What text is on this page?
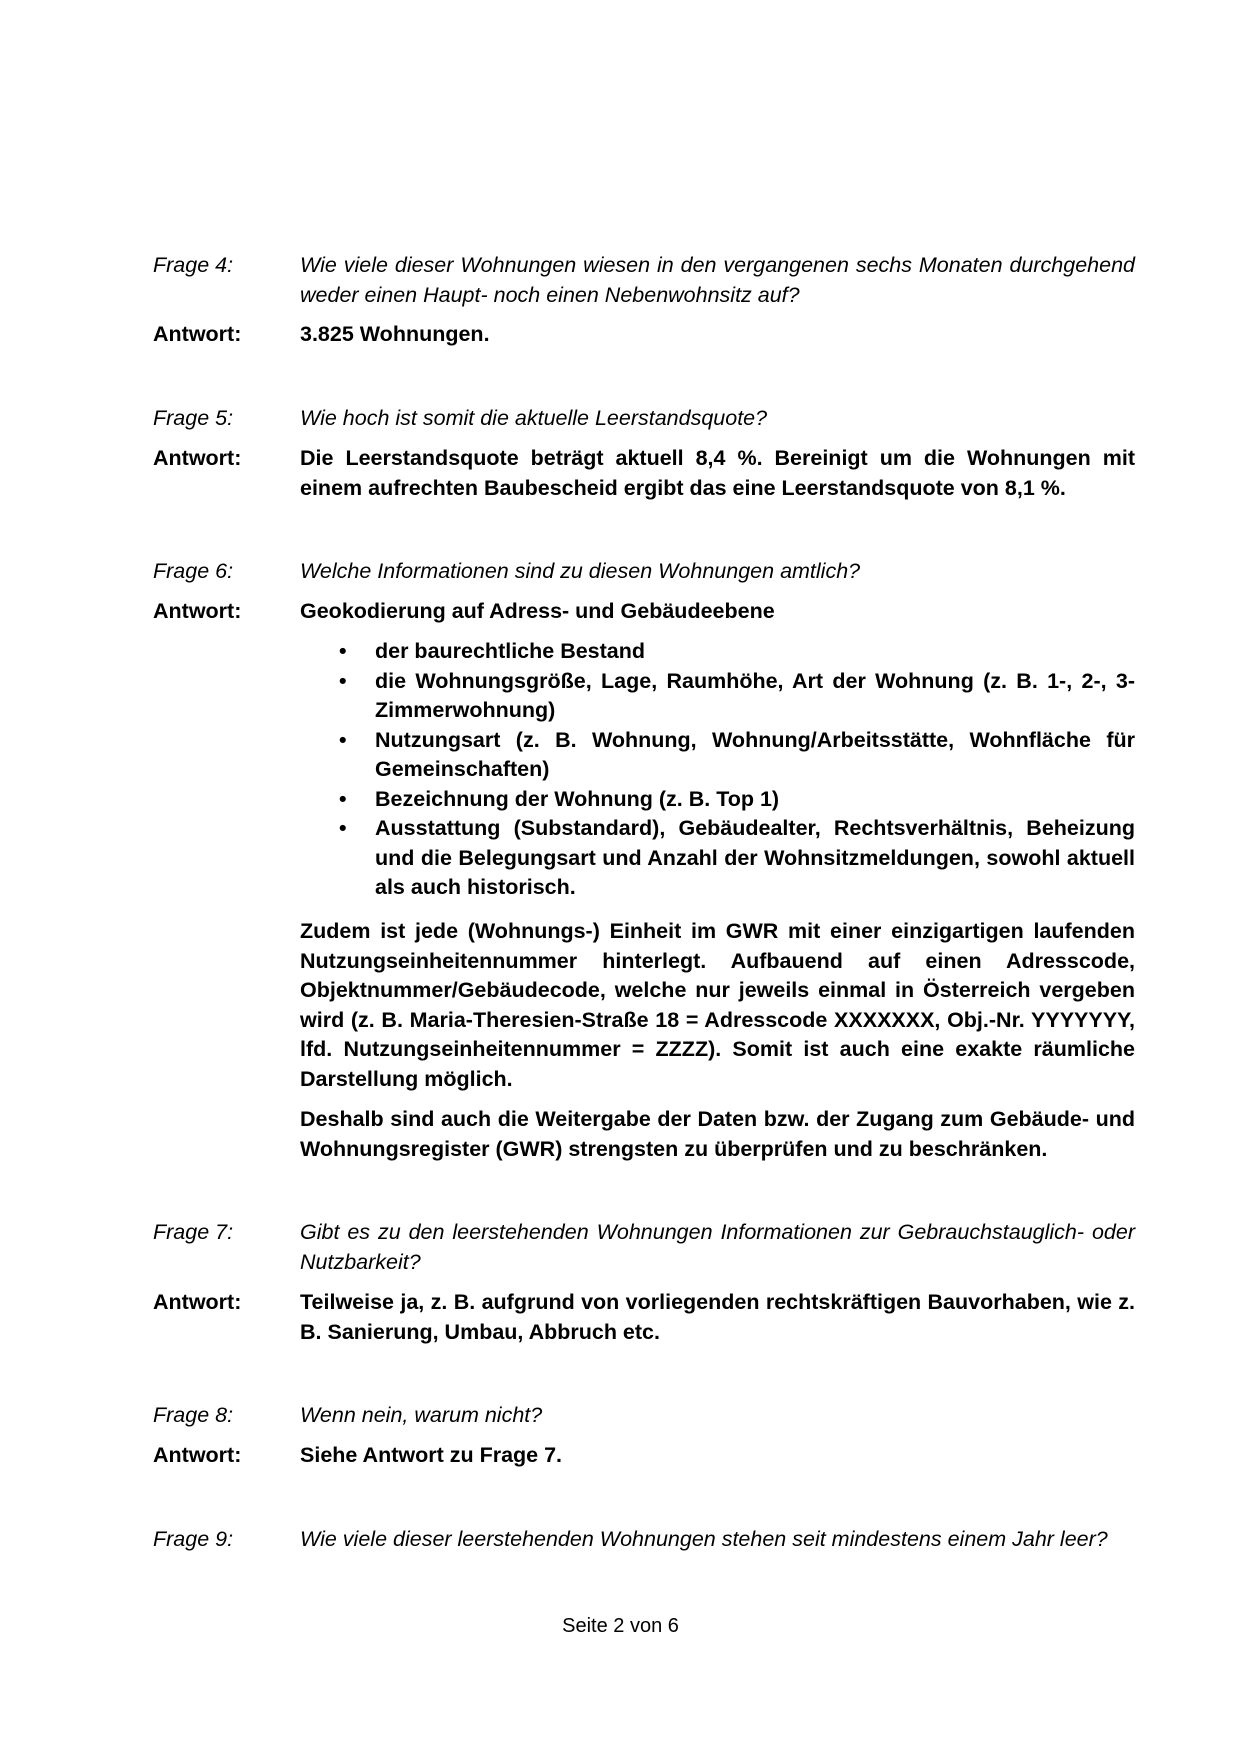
Frage 4:	Wie viele dieser Wohnungen wiesen in den vergangenen sechs Monaten durchgehend weder einen Haupt- noch einen Nebenwohnsitz auf?
Antwort:	3.825 Wohnungen.
Frage 5:	Wie hoch ist somit die aktuelle Leerstandsquote?
Antwort:	Die Leerstandsquote beträgt aktuell 8,4 %. Bereinigt um die Wohnungen mit einem aufrechten Baubescheid ergibt das eine Leerstandsquote von 8,1 %.
Frage 6:	Welche Informationen sind zu diesen Wohnungen amtlich?
Antwort:	Geokodierung auf Adress- und Gebäudeebene
• der baurechtliche Bestand
• die Wohnungsgröße, Lage, Raumhöhe, Art der Wohnung (z. B. 1-, 2-, 3-Zimmerwohnung)
• Nutzungsart (z. B. Wohnung, Wohnung/Arbeitsstätte, Wohnfläche für Gemeinschaften)
• Bezeichnung der Wohnung (z. B. Top 1)
• Ausstattung (Substandard), Gebäudealter, Rechtsverhältnis, Beheizung und die Belegungsart und Anzahl der Wohnsitzmeldungen, sowohl aktuell als auch historisch.
Zudem ist jede (Wohnungs-) Einheit im GWR mit einer einzigartigen laufenden Nutzungseinheitennummer hinterlegt. Aufbauend auf einen Adresscode, Objektnummer/Gebäudecode, welche nur jeweils einmal in Österreich vergeben wird (z. B. Maria-Theresien-Straße 18 = Adresscode XXXXXXX, Obj.-Nr. YYYYYYY, lfd. Nutzungseinheitennummer = ZZZZ). Somit ist auch eine exakte räumliche Darstellung möglich.
Deshalb sind auch die Weitergabe der Daten bzw. der Zugang zum Gebäude- und Wohnungsregister (GWR) strengsten zu überprüfen und zu beschränken.
Frage 7:	Gibt es zu den leerstehenden Wohnungen Informationen zur Gebrauchstauglich- oder Nutzbarkeit?
Antwort:	Teilweise ja, z. B. aufgrund von vorliegenden rechtskräftigen Bauvorhaben, wie z. B. Sanierung, Umbau, Abbruch etc.
Frage 8:	Wenn nein, warum nicht?
Antwort:	Siehe Antwort zu Frage 7.
Frage 9:	Wie viele dieser leerstehenden Wohnungen stehen seit mindestens einem Jahr leer?
Seite 2 von 6
